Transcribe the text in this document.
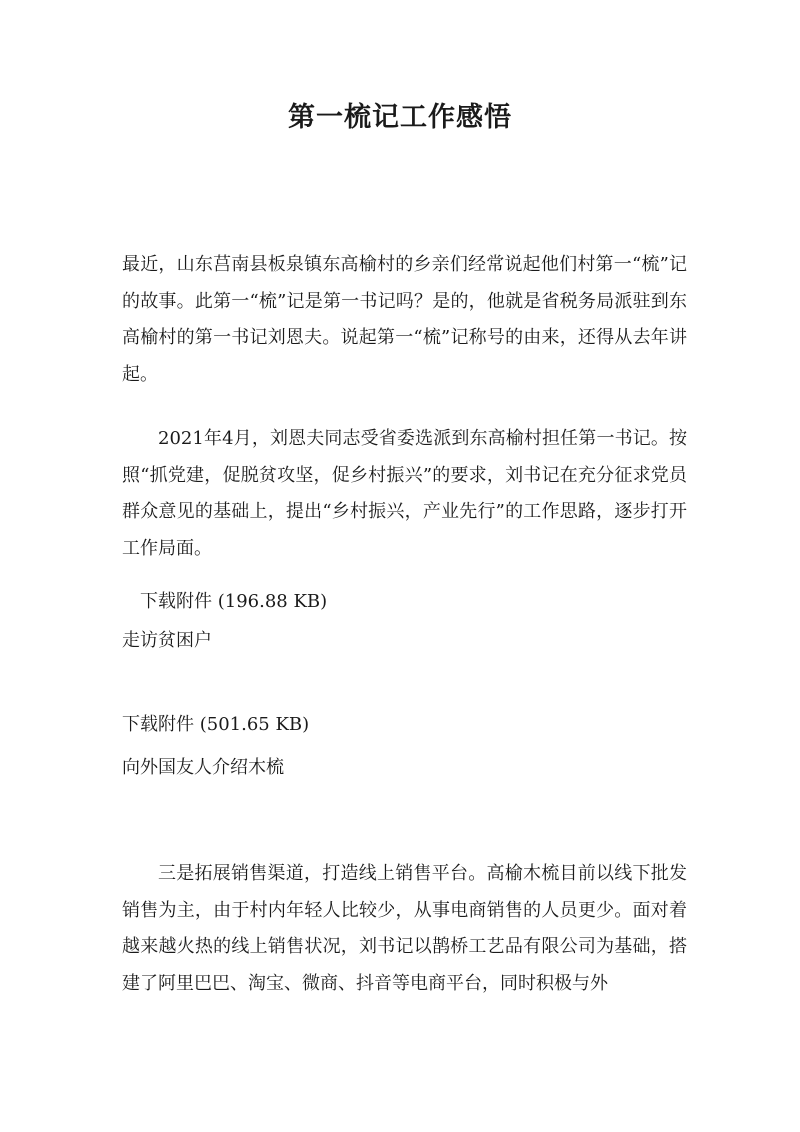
第一梳记工作感悟

最近，山东莒南县板泉镇东高榆村的乡亲们经常说起他们村第一“梳”记的故事。此第一“梳”记是第一书记吗？是的，他就是省税务局派驻到东高榆村的第一书记刘恩夫。说起第一“梳”记称号的由来，还得从去年讲起。

2021年4月，刘恩夫同志受省委选派到东高榆村担任第一书记。按照“抓党建，促脱贫攻坚，促乡村振兴”的要求，刘书记在充分征求党员群众意见的基础上，提出“乡村振兴，产业先行”的工作思路，逐步打开工作局面。

下载附件 (196.88 KB)
走访贫困户
下载附件 (501.65 KB)
向外国友人介绍木梳

三是拓展销售渠道，打造线上销售平台。高榆木梳目前以线下批发销售为主，由于村内年轻人比较少，从事电商销售的人员更少。面对着越来越火热的线上销售状况，刘书记以鹊桥工艺品有限公司为基础，搭建了阿里巴巴、淘宝、微商、抖音等电商平台，同时积极与外
